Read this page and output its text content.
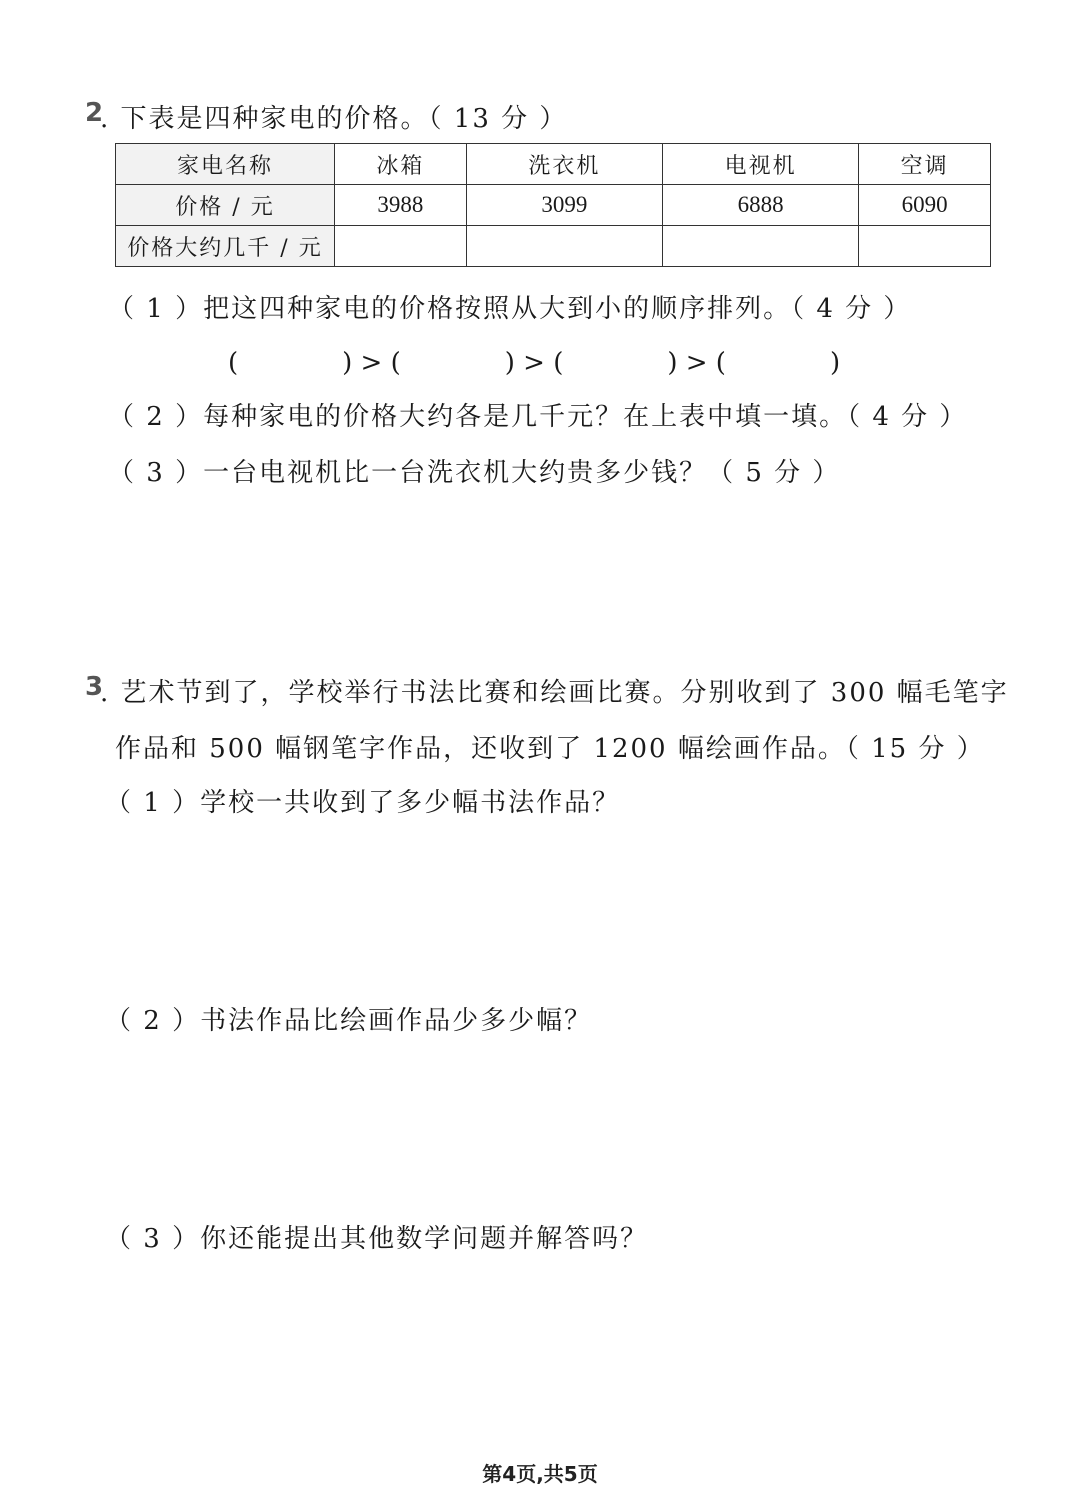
2
. 下表是四种家电的价格。（ 13 分 ）
家电名称	冰箱	洗衣机	电视机	空调
价格 / 元	3988	3099	6888	6090
价格大约几千 / 元				
（ 1 ）把这四种家电的价格按照从大到小的顺序排列。（ 4 分 ）
(　　　　) > (　　　　) > (　　　　) > (　　　　)
（ 2 ）每种家电的价格大约各是几千元？在上表中填一填。（ 4 分 ）
（ 3 ）一台电视机比一台洗衣机大约贵多少钱？（ 5 分 ）
3
. 艺术节到了，学校举行书法比赛和绘画比赛。分别收到了 300 幅毛笔字
作品和 500 幅钢笔字作品，还收到了 1200 幅绘画作品。（ 15 分 ）
（ 1 ）学校一共收到了多少幅书法作品？
（ 2 ）书法作品比绘画作品少多少幅？
（ 3 ）你还能提出其他数学问题并解答吗？
第4页,共5页
